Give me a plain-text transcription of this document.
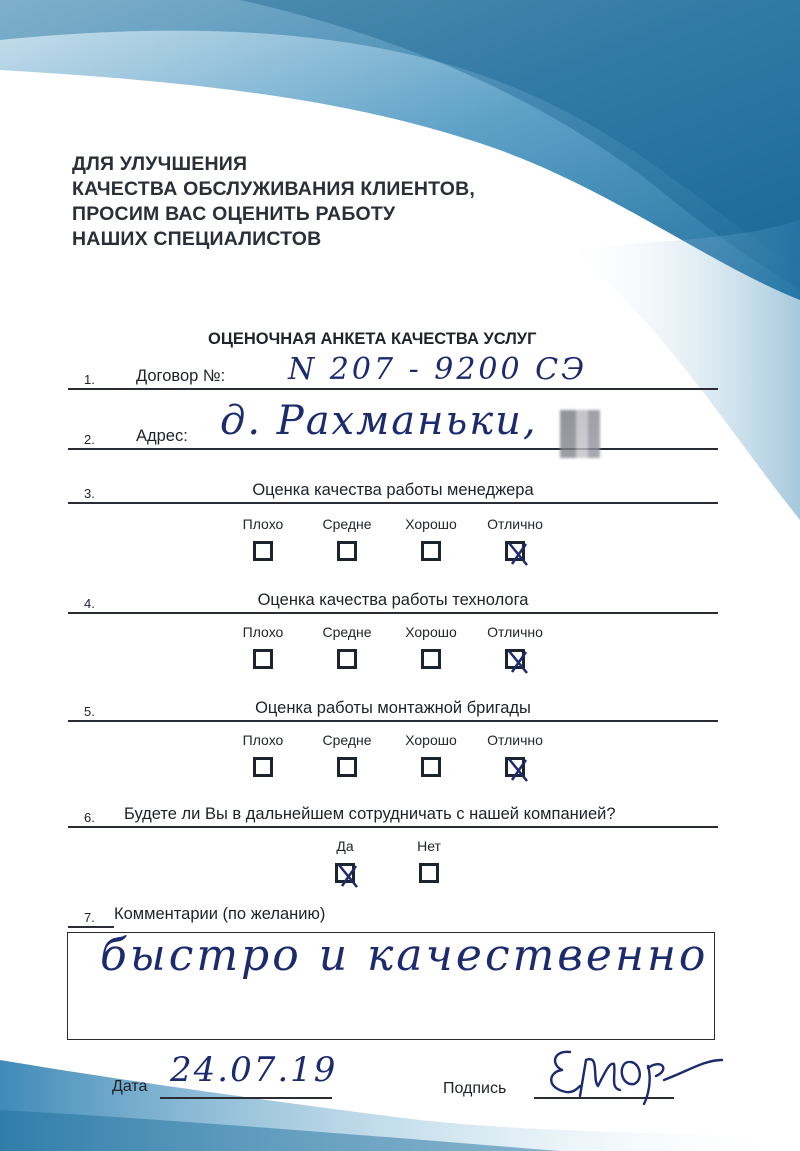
ДЛЯ УЛУЧШЕНИЯ
КАЧЕСТВА ОБСЛУЖИВАНИЯ КЛИЕНТОВ,
ПРОСИМ ВАС ОЦЕНИТЬ РАБОТУ
НАШИХ СПЕЦИАЛИСТОВ
ОЦЕНОЧНАЯ АНКЕТА КАЧЕСТВА УСЛУГ
1. Договор №: N 207 - 9200 СЭ
2. Адрес: д. Рахманьки,
3.	Оценка качества работы менеджера
Плохо	Средне	Хорошо	Отлично
4.	Оценка качества работы технолога
Плохо	Средне	Хорошо	Отлично
5.	Оценка работы монтажной бригады
Плохо	Средне	Хорошо	Отлично
6. Будете ли Вы в дальнейшем сотрудничать с нашей компанией?
Да	Нет
7. Комментарии (по желанию)
быстро и качественно
Дата 24.07.19	Подпись
